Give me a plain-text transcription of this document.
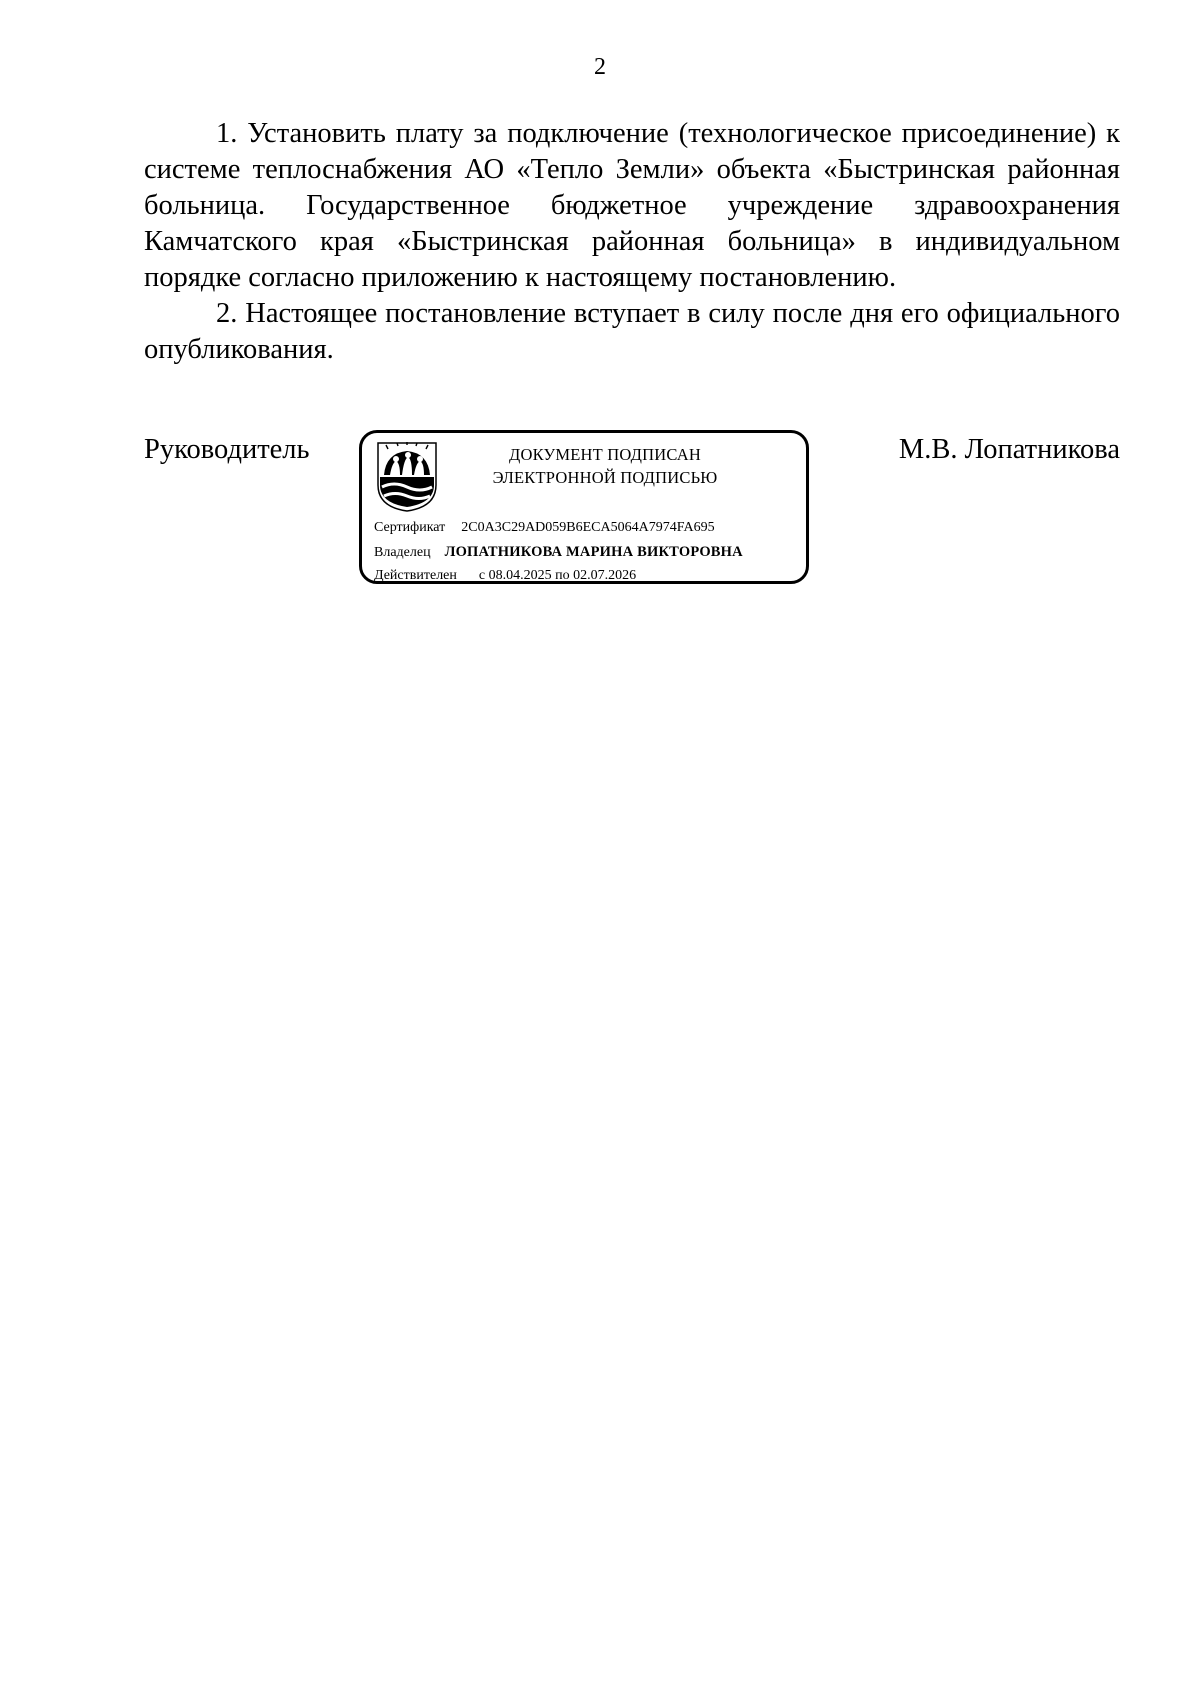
2

1. Установить плату за подключение (технологическое присоединение) к системе теплоснабжения АО «Тепло Земли» объекта «Быстринская районная больница. Государственное бюджетное учреждение здравоохранения Камчатского края «Быстринская районная больница» в индивидуальном порядке согласно приложению к настоящему постановлению.

2. Настоящее постановление вступает в силу после дня его официального опубликования.

Руководитель	ДОКУМЕНТ ПОДПИСАН
ЭЛЕКТРОННОЙ ПОДПИСЬЮ
Сертификат 2C0A3C29AD059B6ECA5064A7974FA695
Владелец ЛОПАТНИКОВА МАРИНА ВИКТОРОВНА
Действителен с 08.04.2025 по 02.07.2026
М.В. Лопатникова
